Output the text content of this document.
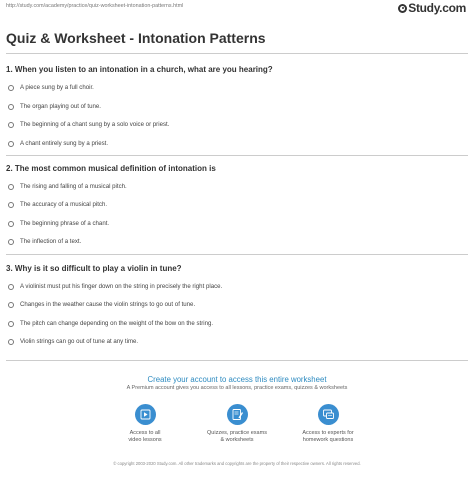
http://study.com/academy/practice/quiz-worksheet-intonation-patterns.html	Study.com
Quiz & Worksheet - Intonation Patterns
1. When you listen to an intonation in a church, what are you hearing?
A piece sung by a full choir.
The organ playing out of tune.
The beginning of a chant sung by a solo voice or priest.
A chant entirely sung by a priest.
2. The most common musical definition of intonation is
The rising and falling of a musical pitch.
The accuracy of a musical pitch.
The beginning phrase of a chant.
The inflection of a text.
3. Why is it so difficult to play a violin in tune?
A violinist must put his finger down on the string in precisely the right place.
Changes in the weather cause the violin strings to go out of tune.
The pitch can change depending on the weight of the bow on the string.
Violin strings can go out of tune at any time.
Create your account to access this entire worksheet
A Premium account gives you access to all lessons, practice exams, quizzes & worksheets
Access to all
video lessons
Quizzes, practice exams
& worksheets
Access to experts for
homework questions
© copyright 2003-2020 Study.com. All other trademarks and copyrights are the property of their respective owners. All rights reserved.
